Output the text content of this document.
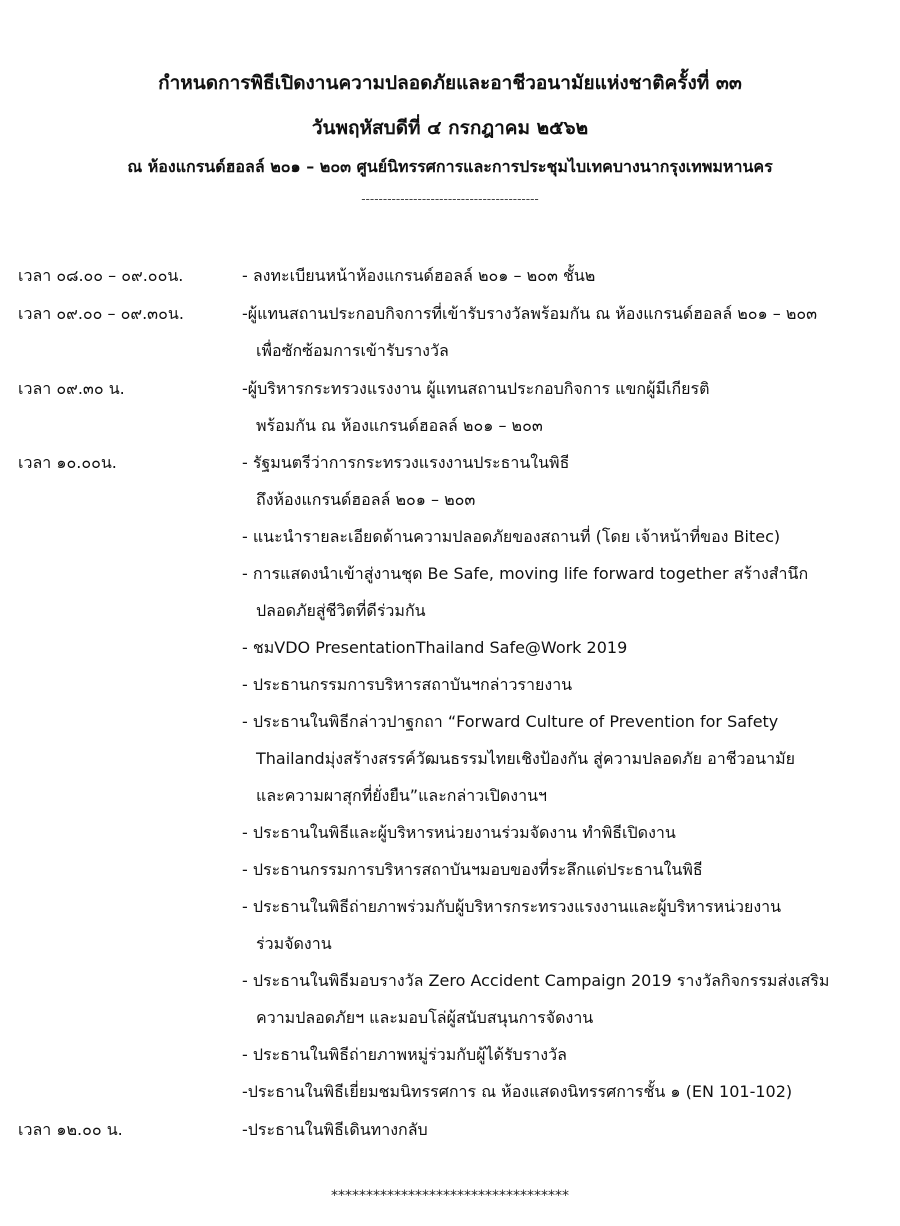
กำหนดการพิธีเปิดงานความปลอดภัยและอาชีวอนามัยแห่งชาติครั้งที่ ๓๓
วันพฤหัสบดีที่ ๔ กรกฎาคม ๒๕๖๒
ณ ห้องแกรนด์ฮอลล์ ๒๐๑ – ๒๐๓ ศูนย์นิทรรศการและการประชุมไบเทคบางนากรุงเทพมหานคร
-----------------------------------------
เวลา ๐๘.๐๐ – ๐๙.๐๐น.	- ลงทะเบียนหน้าห้องแกรนด์ฮอลล์ ๒๐๑ – ๒๐๓ ชั้น๒
เวลา ๐๙.๐๐ – ๐๙.๓๐น.	-ผู้แทนสถานประกอบกิจการที่เข้ารับรางวัลพร้อมกัน ณ ห้องแกรนด์ฮอลล์ ๒๐๑ – ๒๐๓
เพื่อซักซ้อมการเข้ารับรางวัล
เวลา ๐๙.๓๐ น.	-ผู้บริหารกระทรวงแรงงาน ผู้แทนสถานประกอบกิจการ แขกผู้มีเกียรติ
พร้อมกัน ณ ห้องแกรนด์ฮอลล์ ๒๐๑ – ๒๐๓
เวลา ๑๐.๐๐น.	- รัฐมนตรีว่าการกระทรวงแรงงานประธานในพิธี
ถึงห้องแกรนด์ฮอลล์ ๒๐๑ – ๒๐๓
- แนะนำรายละเอียดด้านความปลอดภัยของสถานที่ (โดย เจ้าหน้าที่ของ Bitec)
- การแสดงนำเข้าสู่งานชุด Be Safe, moving life forward together สร้างสำนึก
ปลอดภัยสู่ชีวิตที่ดีร่วมกัน
- ชมVDO PresentationThailand Safe@Work 2019
- ประธานกรรมการบริหารสถาบันฯกล่าวรายงาน
- ประธานในพิธีกล่าวปาฐกถา “Forward Culture of Prevention for Safety
Thailandมุ่งสร้างสรรค์วัฒนธรรมไทยเชิงป้องกัน สู่ความปลอดภัย อาชีวอนามัย
และความผาสุกที่ยั่งยืน”และกล่าวเปิดงานฯ
- ประธานในพิธีและผู้บริหารหน่วยงานร่วมจัดงาน ทำพิธีเปิดงาน
- ประธานกรรมการบริหารสถาบันฯมอบของที่ระลึกแด่ประธานในพิธี
- ประธานในพิธีถ่ายภาพร่วมกับผู้บริหารกระทรวงแรงงานและผู้บริหารหน่วยงาน
ร่วมจัดงาน
- ประธานในพิธีมอบรางวัล Zero Accident Campaign 2019 รางวัลกิจกรรมส่งเสริม
ความปลอดภัยฯ และมอบโล่ผู้สนับสนุนการจัดงาน
- ประธานในพิธีถ่ายภาพหมู่ร่วมกับผู้ได้รับรางวัล
-ประธานในพิธีเยี่ยมชมนิทรรศการ ณ ห้องแสดงนิทรรศการชั้น ๑ (EN 101-102)
เวลา ๑๒.๐๐ น.	-ประธานในพิธีเดินทางกลับ
**********************************
